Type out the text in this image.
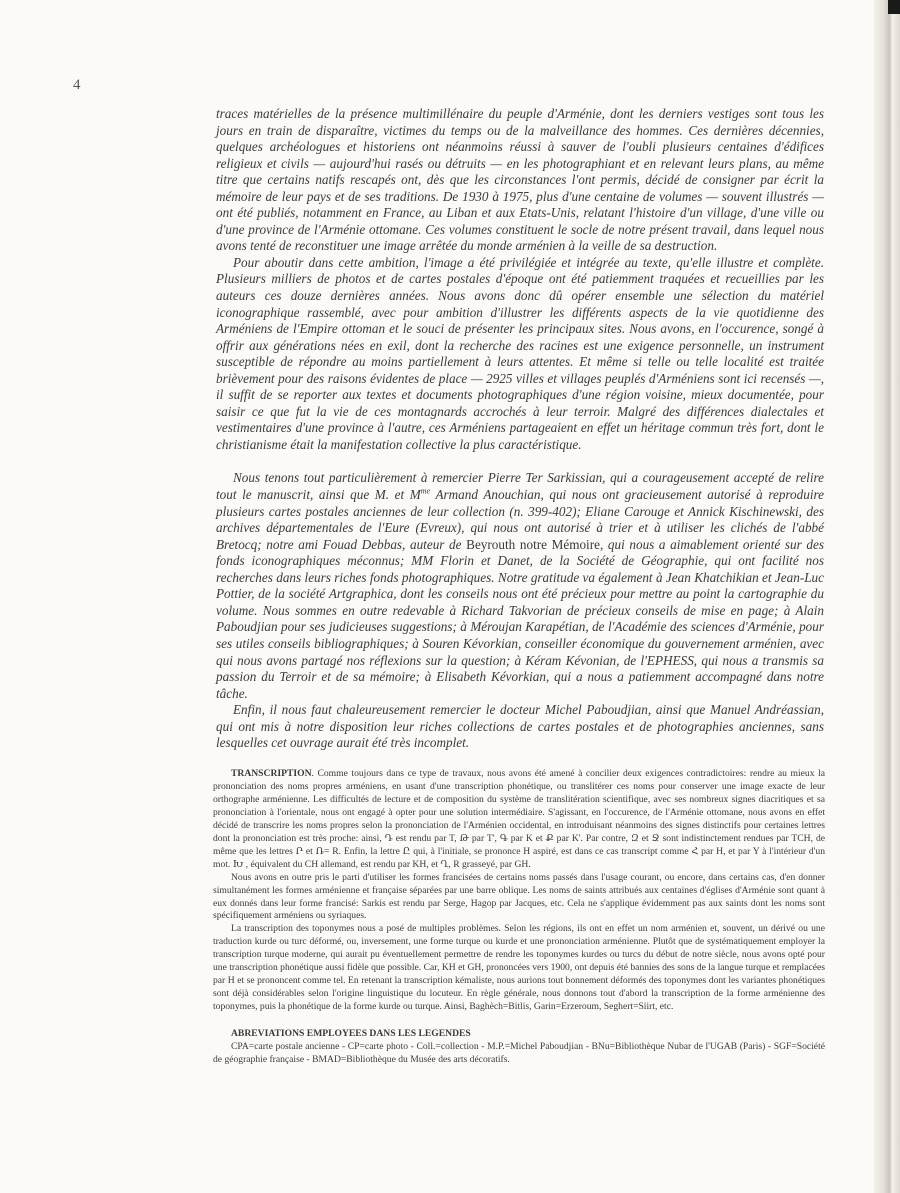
4

traces matérielles de la présence multimillénaire du peuple d'Arménie, dont les derniers vestiges sont tous les jours en train de disparaître, victimes du temps ou de la malveillance des hommes. Ces dernières décennies, quelques archéologues et historiens ont néanmoins réussi à sauver de l'oubli plusieurs centaines d'édifices religieux et civils — aujourd'hui rasés ou détruits — en les photographiant et en relevant leurs plans, au même titre que certains natifs rescapés ont, dès que les circonstances l'ont permis, décidé de consigner par écrit la mémoire de leur pays et de ses traditions. De 1930 à 1975, plus d'une centaine de volumes — souvent illustrés — ont été publiés, notamment en France, au Liban et aux Etats-Unis, relatant l'histoire d'un village, d'une ville ou d'une province de l'Arménie ottomane. Ces volumes constituent le socle de notre présent travail, dans lequel nous avons tenté de reconstituer une image arrêtée du monde arménien à la veille de sa destruction.

Pour aboutir dans cette ambition, l'image a été privilégiée et intégrée au texte, qu'elle illustre et complète. Plusieurs milliers de photos et de cartes postales d'époque ont été patiemment traquées et recueillies par les auteurs ces douze dernières années. Nous avons donc dû opérer ensemble une sélection du matériel iconographique rassemblé, avec pour ambition d'illustrer les différents aspects de la vie quotidienne des Arméniens de l'Empire ottoman et le souci de présenter les principaux sites. Nous avons, en l'occurence, songé à offrir aux générations nées en exil, dont la recherche des racines est une exigence personnelle, un instrument susceptible de répondre au moins partiellement à leurs attentes. Et même si telle ou telle localité est traitée brièvement pour des raisons évidentes de place — 2925 villes et villages peuplés d'Arméniens sont ici recensés —, il suffit de se reporter aux textes et documents photographiques d'une région voisine, mieux documentée, pour saisir ce que fut la vie de ces montagnards accrochés à leur terroir. Malgré des différences dialectales et vestimentaires d'une province à l'autre, ces Arméniens partageaient en effet un héritage commun très fort, dont le christianisme était la manifestation collective la plus caractéristique.

Nous tenons tout particulièrement à remercier Pierre Ter Sarkissian, qui a courageusement accepté de relire tout le manuscrit, ainsi que M. et $M^{me}$ Armand Anouchian, qui nous ont gracieusement autorisé à reproduire plusieurs cartes postales anciennes de leur collection (n. 399-402); Eliane Carouge et Annick Kischinewski, des archives départementales de l'Eure (Evreux), qui nous ont autorisé à trier et à utiliser les clichés de l'abbé Bretocq; notre ami Fouad Debbas, auteur de Beyrouth notre Mémoire, qui nous a aimablement orienté sur des fonds iconographiques méconnus; MM Florin et Danet, de la Société de Géographie, qui ont facilité nos recherches dans leurs riches fonds photographiques. Notre gratitude va également à Jean Khatchikian et Jean-Luc Pottier, de la société Artgraphica, dont les conseils nous ont été précieux pour mettre au point la cartographie du volume. Nous sommes en outre redevable à Richard Takvorian de précieux conseils de mise en page; à Alain Paboudjian pour ses judicieuses suggestions; à Méroujan Karapétian, de l'Académie des sciences d'Arménie, pour ses utiles conseils bibliographiques; à Souren Kévorkian, conseiller économique du gouvernement arménien, avec qui nous avons partagé nos réflexions sur la question; à Kéram Kévonian, de l'EPHESS, qui nous a transmis sa passion du Terroir et de sa mémoire; à Elisabeth Kévorkian, qui a nous a patiemment accompagné dans notre tâche.

Enfin, il nous faut chaleureusement remercier le docteur Michel Paboudjian, ainsi que Manuel Andréassian, qui ont mis à notre disposition leur riches collections de cartes postales et de photographies anciennes, sans lesquelles cet ouvrage aurait été très incomplet.

TRANSCRIPTION. Comme toujours dans ce type de travaux, nous avons été amené à concilier deux exigences contradictoires: rendre au mieux la prononciation des noms propres arméniens, en usant d'une transcription phonétique, ou translitérer ces noms pour conserver une image exacte de leur orthographe arménienne. Les difficultés de lecture et de composition du système de translitération scientifique, avec ses nombreux signes diacritiques et sa prononciation à l'orientale, nous ont engagé à opter pour une solution intermédiaire. S'agissant, en l'occurence, de l'Arménie ottomane, nous avons en effet décidé de transcrire les noms propres selon la prononciation de l'Arménien occidental, en introduisant néanmoins des signes distinctifs pour certaines lettres dont la prononciation est très proche: ainsi, Դ est rendu par T, Թ par T', Գ par K et Ք par K'. Par contre, Զ et Ջ sont indistinctement rendues par TCH, de même que les lettres Ր et Ռ= R. Enfin, la lettre Ը qui, à l'initiale, se prononce H aspiré, est dans ce cas transcript comme Հ par H, et par Y à l'intérieur d'un mot. Խ , équivalent du CH allemand, est rendu par KH, et Ղ, R grasseyé, par GH.

Nous avons en outre pris le parti d'utiliser les formes francisées de certains noms passés dans l'usage courant, ou encore, dans certains cas, d'en donner simultanément les formes arménienne et française séparées par une barre oblique. Les noms de saints attribués aux centaines d'églises d'Arménie sont quant à eux donnés dans leur forme francisé: Sarkis est rendu par Serge, Hagop par Jacques, etc. Cela ne s'applique évidemment pas aux saints dont les noms sont spécifiquement arméniens ou syriaques.

La transcription des toponymes nous a posé de multiples problèmes. Selon les régions, ils ont en effet un nom arménien et, souvent, un dérivé ou une traduction kurde ou turc déformé, ou, inversement, une forme turque ou kurde et une prononciation arménienne. Plutôt que de systématiquement employer la transcription turque moderne, qui aurait pu éventuellement permettre de rendre les toponymes kurdes ou turcs du début de notre siècle, nous avons opté pour une transcription phonétique aussi fidèle que possible. Car, KH et GH, prononcées vers 1900, ont depuis été bannies des sons de la langue turque et remplacées par H et se prononcent comme tel. En retenant la transcription kémaliste, nous aurions tout bonnement déformés des toponymes dont les variantes phonétiques sont déjà considérables selon l'origine linguistique du locuteur. En règle générale, nous donnons tout d'abord la transcription de la forme arménienne des toponymes, puis la phonétique de la forme kurde ou turque. Ainsi, Baghèch=Bitlis, Garin=Erzeroum, Seghert=Siirt, etc.

ABREVIATIONS EMPLOYEES DANS LES LEGENDES

CPA=carte postale ancienne - CP=carte photo - Coll.=collection - M.P.=Michel Paboudjian - BNu=Bibliothèque Nubar de l'UGAB (Paris) - SGF=Société de géographie française - BMAD=Bibliothèque du Musée des arts décoratifs.
